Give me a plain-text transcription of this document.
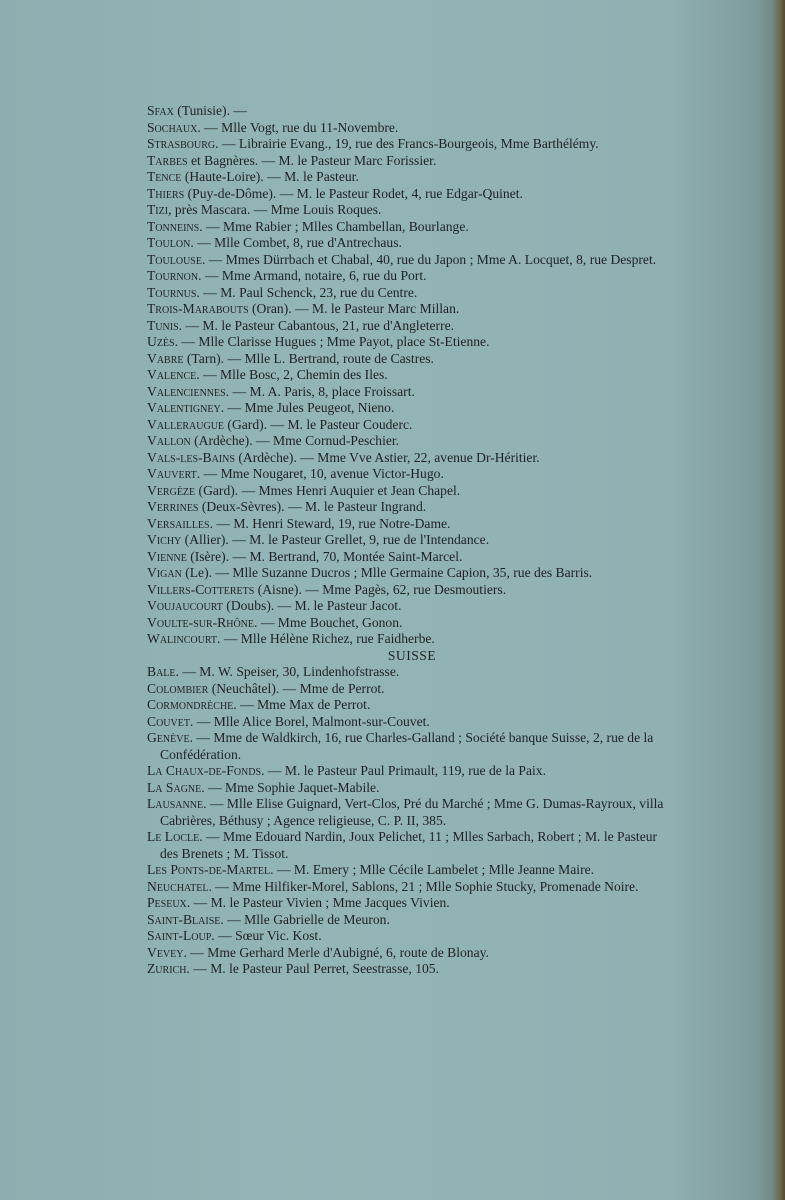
Sfax (Tunisie). —

Sochaux. — Mlle Vogt, rue du 11-Novembre.

Strasbourg. — Librairie Evang., 19, rue des Francs-Bourgeois, Mme Barthélémy.

Tarbes et Bagnères. — M. le Pasteur Marc Forissier.

Tence (Haute-Loire). — M. le Pasteur.

Thiers (Puy-de-Dôme). — M. le Pasteur Rodet, 4, rue Edgar-Quinet.

Tizi, près Mascara. — Mme Louis Roques.

Tonneins. — Mme Rabier ; Mlles Chambellan, Bourlange.

Toulon. — Mlle Combet, 8, rue d'Antrechaus.

Toulouse. — Mmes Dürrbach et Chabal, 40, rue du Japon ; Mme A. Locquet, 8, rue Despret.

Tournon. — Mme Armand, notaire, 6, rue du Port.

Tournus. — M. Paul Schenck, 23, rue du Centre.

Trois-Marabouts (Oran). — M. le Pasteur Marc Millan.

Tunis. — M. le Pasteur Cabantous, 21, rue d'Angleterre.

Uzès. — Mlle Clarisse Hugues ; Mme Payot, place St-Etienne.

Vabre (Tarn). — Mlle L. Bertrand, route de Castres.

Valence. — Mlle Bosc, 2, Chemin des Iles.

Valenciennes. — M. A. Paris, 8, place Froissart.

Valentigney. — Mme Jules Peugeot, Nieno.

Valleraugue (Gard). — M. le Pasteur Couderc.

Vallon (Ardèche). — Mme Cornud-Peschier.

Vals-les-Bains (Ardèche). — Mme Vve Astier, 22, avenue Dr-Héritier.

Vauvert. — Mme Nougaret, 10, avenue Victor-Hugo.

Vergèze (Gard). — Mmes Henri Auquier et Jean Chapel.

Verrines (Deux-Sèvres). — M. le Pasteur Ingrand.

Versailles. — M. Henri Steward, 19, rue Notre-Dame.

Vichy (Allier). — M. le Pasteur Grellet, 9, rue de l'Intendance.

Vienne (Isère). — M. Bertrand, 70, Montée Saint-Marcel.

Vigan (Le). — Mlle Suzanne Ducros ; Mlle Germaine Capion, 35, rue des Barris.

Villers-Cotterets (Aisne). — Mme Pagès, 62, rue Desmoutiers.

Voujaucourt (Doubs). — M. le Pasteur Jacot.

Voulte-sur-Rhône. — Mme Bouchet, Gonon.

Walincourt. — Mlle Hélène Richez, rue Faidherbe.

SUISSE

Bale. — M. W. Speiser, 30, Lindenhofstrasse.

Colombier (Neuchâtel). — Mme de Perrot.

Cormondrèche. — Mme Max de Perrot.

Couvet. — Mlle Alice Borel, Malmont-sur-Couvet.

Genève. — Mme de Waldkirch, 16, rue Charles-Galland ; Société banque Suisse, 2, rue de la Confédération.

La Chaux-de-Fonds. — M. le Pasteur Paul Primault, 119, rue de la Paix.

La Sagne. — Mme Sophie Jaquet-Mabile.

Lausanne. — Mlle Elise Guignard, Vert-Clos, Pré du Marché ; Mme G. Dumas-Rayroux, villa Cabrières, Béthusy ; Agence religieuse, C. P. II, 385.

Le Locle. — Mme Edouard Nardin, Joux Pelichet, 11 ; Mlles Sarbach, Robert ; M. le Pasteur des Brenets ; M. Tissot.

Les Ponts-de-Martel. — M. Emery ; Mlle Cécile Lambelet ; Mlle Jeanne Maire.

Neuchatel. — Mme Hilfiker-Morel, Sablons, 21 ; Mlle Sophie Stucky, Promenade Noire.

Peseux. — M. le Pasteur Vivien ; Mme Jacques Vivien.

Saint-Blaise. — Mlle Gabrielle de Meuron.

Saint-Loup. — Sœur Vic. Kost.

Vevey. — Mme Gerhard Merle d'Aubigné, 6, route de Blonay.

Zurich. — M. le Pasteur Paul Perret, Seestrasse, 105.
